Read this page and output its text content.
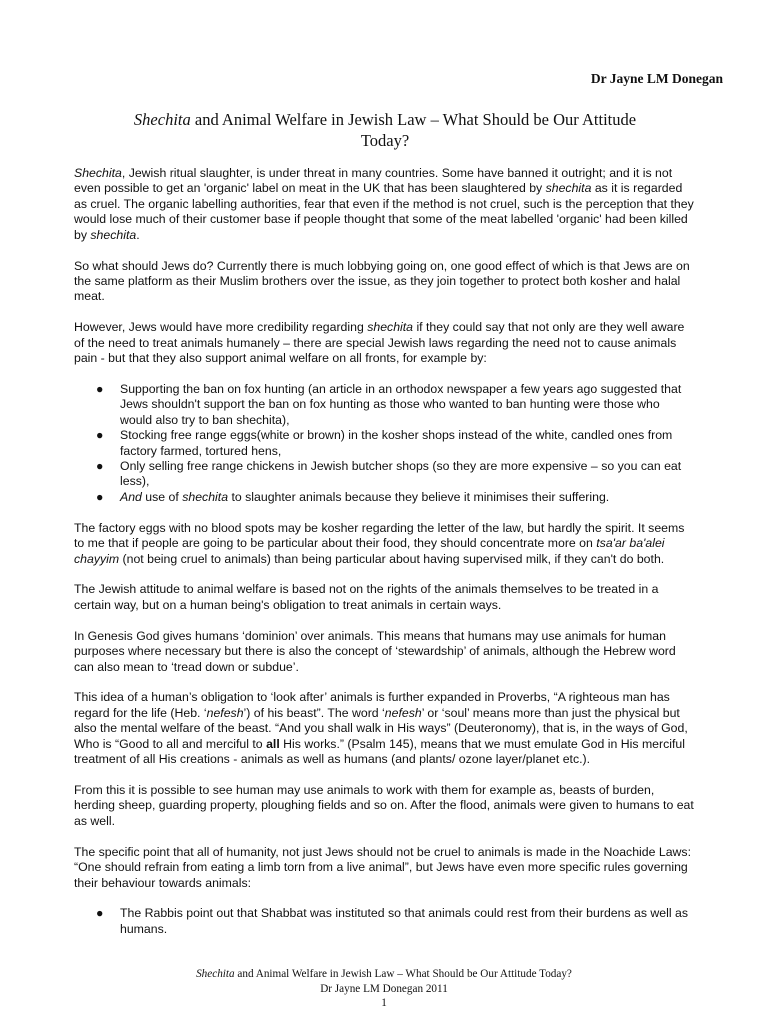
Dr Jayne LM Donegan
Shechita and Animal Welfare in Jewish Law – What Should be Our Attitude
Today?

Shechita, Jewish ritual slaughter, is under threat in many countries. Some have banned it outright; and it is not even possible to get an 'organic' label on meat in the UK that has been slaughtered by shechita as it is regarded as cruel. The organic labelling authorities, fear that even if the method is not cruel, such is the perception that they would lose much of their customer base if people thought that some of the meat labelled 'organic' had been killed by shechita.

So what should Jews do? Currently there is much lobbying going on, one good effect of which is that Jews are on the same platform as their Muslim brothers over the issue, as they join together to protect both kosher and halal meat.

However, Jews would have more credibility regarding shechita if they could say that not only are they well aware of the need to treat animals humanely – there are special Jewish laws regarding the need not to cause animals pain - but that they also support animal welfare on all fronts, for example by:

● Supporting the ban on fox hunting (an article in an orthodox newspaper a few years ago suggested that Jews shouldn't support the ban on fox hunting as those who wanted to ban hunting were those who would also try to ban shechita),
● Stocking free range eggs(white or brown) in the kosher shops instead of the white, candled ones from factory farmed, tortured hens,
● Only selling free range chickens in Jewish butcher shops (so they are more expensive – so you can eat less),
● And use of shechita to slaughter animals because they believe it minimises their suffering.

The factory eggs with no blood spots may be kosher regarding the letter of the law, but hardly the spirit. It seems to me that if people are going to be particular about their food, they should concentrate more on tsa'ar ba'alei chayyim (not being cruel to animals) than being particular about having supervised milk, if they can't do both.

The Jewish attitude to animal welfare is based not on the rights of the animals themselves to be treated in a certain way, but on a human being's obligation to treat animals in certain ways.

In Genesis God gives humans ‘dominion’ over animals. This means that humans may use animals for human purposes where necessary but there is also the concept of ‘stewardship’ of animals, although the Hebrew word can also mean to ‘tread down or subdue’.

This idea of a human’s obligation to ‘look after’ animals is further expanded in Proverbs, “A righteous man has regard for the life (Heb. ‘nefesh’) of his beast”. The word ‘nefesh’ or ‘soul’ means more than just the physical but also the mental welfare of the beast. “And you shall walk in His ways” (Deuteronomy), that is, in the ways of God, Who is “Good to all and merciful to all His works.” (Psalm 145), means that we must emulate God in His merciful treatment of all His creations - animals as well as humans (and plants/ ozone layer/planet etc.).

From this it is possible to see human may use animals to work with them for example as, beasts of burden, herding sheep, guarding property, ploughing fields and so on. After the flood, animals were given to humans to eat as well.

The specific point that all of humanity, not just Jews should not be cruel to animals is made in the Noachide Laws: “One should refrain from eating a limb torn from a live animal”, but Jews have even more specific rules governing their behaviour towards animals:

● The Rabbis point out that Shabbat was instituted so that animals could rest from their burdens as well as humans.
Shechita and Animal Welfare in Jewish Law – What Should be Our Attitude Today?
Dr Jayne LM Donegan 2011
1
